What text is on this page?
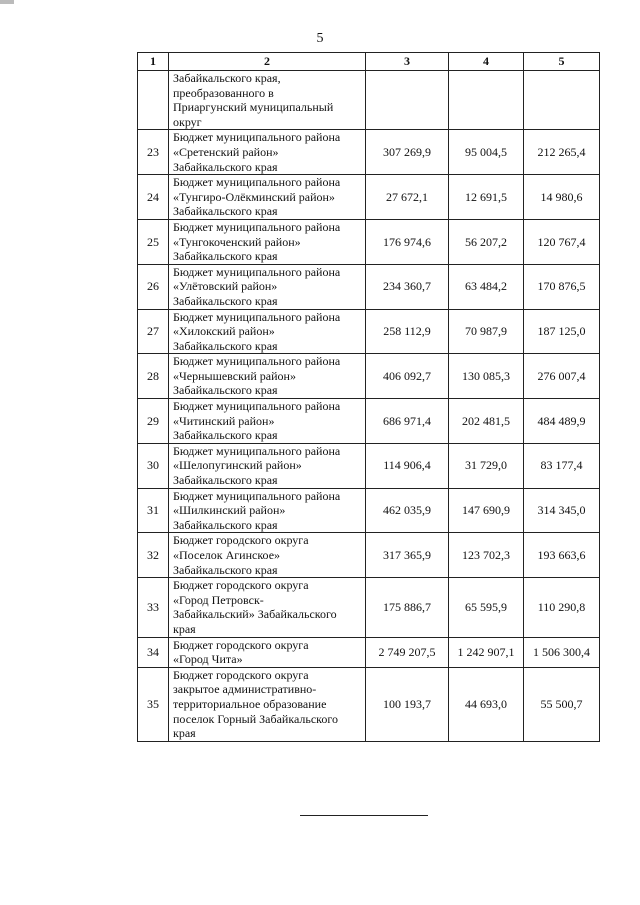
5
1	2	3	4	5

	Забайкальского края,
преобразованного в
Приаргунский муниципальный
округ			

23	Бюджет муниципального района
«Сретенский район»
Забайкальского края	307 269,9	95 004,5	212 265,4
24	Бюджет муниципального района
«Тунгиро-Олёкминский район»
Забайкальского края	27 672,1	12 691,5	14 980,6
25	Бюджет муниципального района
«Тунгокоченский район»
Забайкальского края	176 974,6	56 207,2	120 767,4
26	Бюджет муниципального района
«Улётовский район»
Забайкальского края	234 360,7	63 484,2	170 876,5
27	Бюджет муниципального района
«Хилокский район»
Забайкальского края	258 112,9	70 987,9	187 125,0
28	Бюджет муниципального района
«Чернышевский район»
Забайкальского края	406 092,7	130 085,3	276 007,4
29	Бюджет муниципального района
«Читинский район»
Забайкальского края	686 971,4	202 481,5	484 489,9
30	Бюджет муниципального района
«Шелопугинский район»
Забайкальского края	114 906,4	31 729,0	83 177,4
31	Бюджет муниципального района
«Шилкинский район»
Забайкальского края	462 035,9	147 690,9	314 345,0
32	Бюджет городского округа
«Поселок Агинское»
Забайкальского края	317 365,9	123 702,3	193 663,6
33	Бюджет городского округа
«Город Петровск-
Забайкальский» Забайкальского
края	175 886,7	65 595,9	110 290,8
34	Бюджет городского округа
«Город Чита»	2 749 207,5	1 242 907,1	1 506 300,4
35	Бюджет городского округа
закрытое административно-
территориальное образование
поселок Горный Забайкальского
края	100 193,7	44 693,0	55 500,7
